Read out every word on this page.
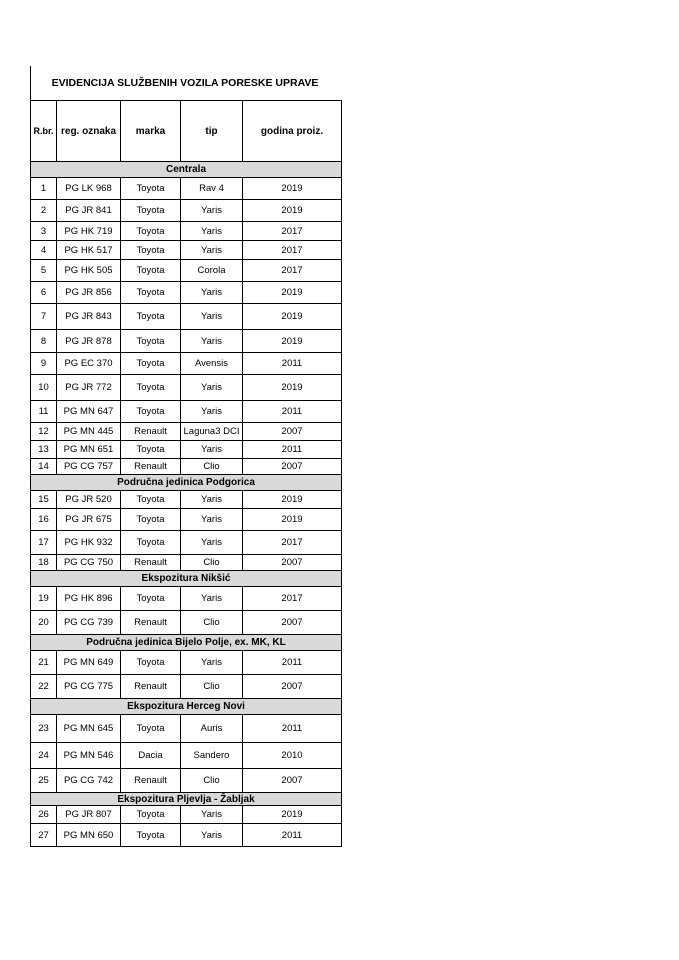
EVIDENCIJA SLUŽBENIH VOZILA PORESKE UPRAVE
R.br.	reg. oznaka	marka	tip	godina proiz.
Centrala				
1	PG LK 968	Toyota	Rav 4	2019
2	PG JR 841	Toyota	Yaris	2019
3	PG HK 719	Toyota	Yaris	2017
4	PG HK 517	Toyota	Yaris	2017
5	PG HK 505	Toyota	Corola	2017
6	PG JR 856	Toyota	Yaris	2019
7	PG JR 843	Toyota	Yaris	2019
8	PG JR 878	Toyota	Yaris	2019
9	PG EC 370	Toyota	Avensis	2011
10	PG JR 772	Toyota	Yaris	2019
11	PG MN 647	Toyota	Yaris	2011
12	PG MN 445	Renault	Laguna3 DCI	2007
13	PG MN 651	Toyota	Yaris	2011
14	PG CG 757	Renault	Clio	2007
Područna jedinica Podgorica				
15	PG JR 520	Toyota	Yaris	2019
16	PG JR 675	Toyota	Yaris	2019
17	PG HK 932	Toyota	Yaris	2017
18	PG CG 750	Renault	Clio	2007
Ekspozitura Nikšić				
19	PG HK 896	Toyota	Yaris	2017
20	PG CG 739	Renault	Clio	2007
Područna jedinica Bijelo Polje, ex. MK, KL				
21	PG MN 649	Toyota	Yaris	2011
22	PG CG 775	Renault	Clio	2007
Ekspozitura Herceg Novi				
23	PG MN 645	Toyota	Auris	2011
24	PG MN 546	Dacia	Sandero	2010
25	PG CG 742	Renault	Clio	2007
Ekspozitura Pljevlja - Žabljak				
26	PG JR 807	Toyota	Yaris	2019
27	PG MN 650	Toyota	Yaris	2011
